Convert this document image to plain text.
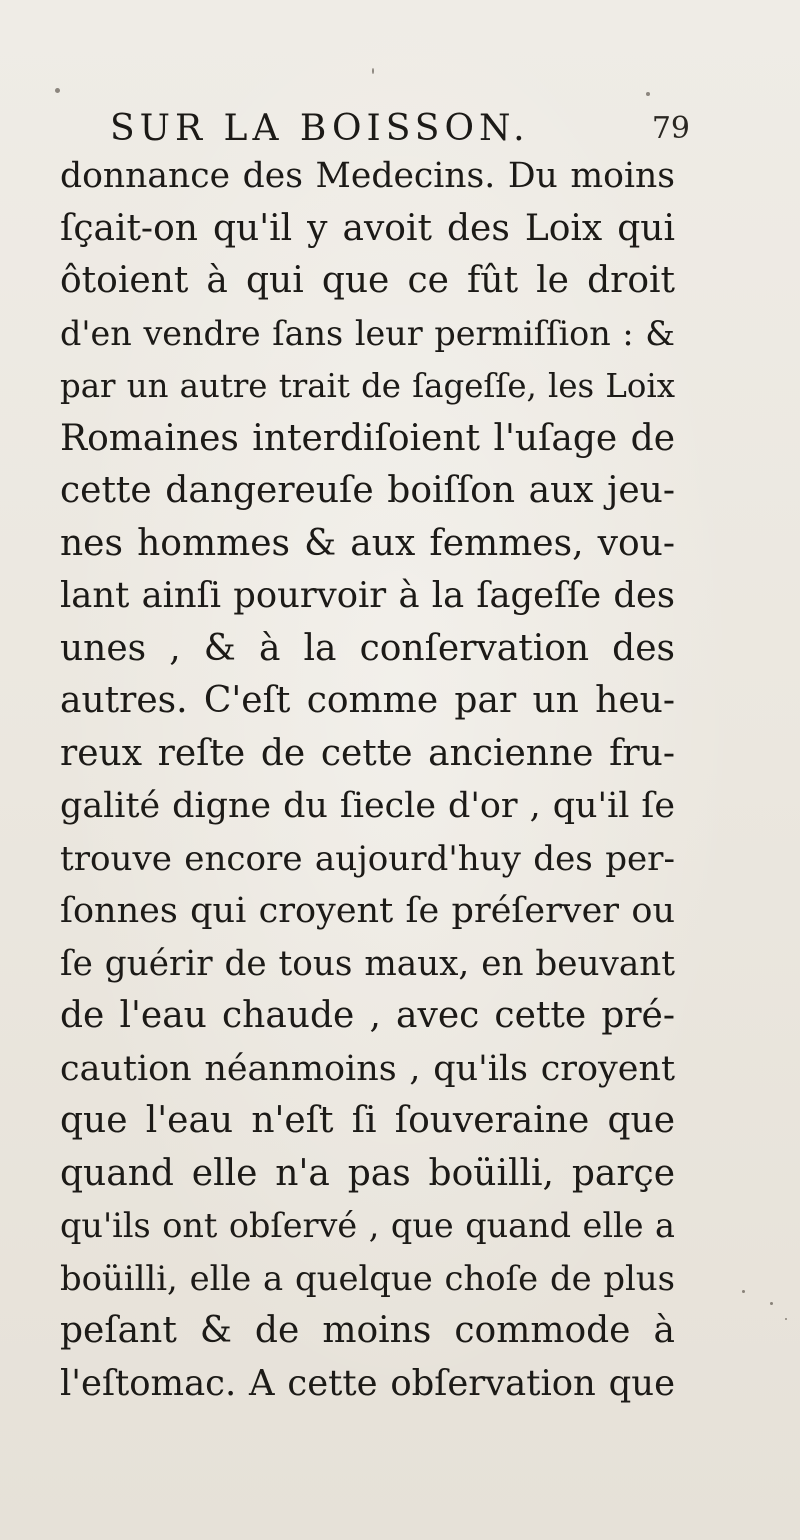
SUR LA BOISSON.	79
donnance des Medecins. Du moins
ſçait-on qu'il y avoit des Loix qui
ôtoient à qui que ce fût le droit
d'en vendre ſans leur permiſſion : &
par un autre trait de ſageſſe, les Loix
Romaines interdiſoient l'uſage de
cette dangereuſe boiſſon aux jeu-
nes hommes & aux femmes, vou-
lant ainſi pourvoir à la ſageſſe des
unes , & à la conſervation des
autres. C'eſt comme par un heu-
reux reſte de cette ancienne fru-
galité digne du ſiecle d'or , qu'il ſe
trouve encore aujourd'huy des per-
ſonnes qui croyent ſe préſerver ou
ſe guérir de tous maux, en beuvant
de l'eau chaude , avec cette pré-
caution néanmoins , qu'ils croyent
que l'eau n'eſt ſi ſouveraine que
quand elle n'a pas boüilli, parçe
qu'ils ont obſervé , que quand elle a
boüilli, elle a quelque choſe de plus
peſant & de moins commode à
l'eſtomac. A cette obſervation que
